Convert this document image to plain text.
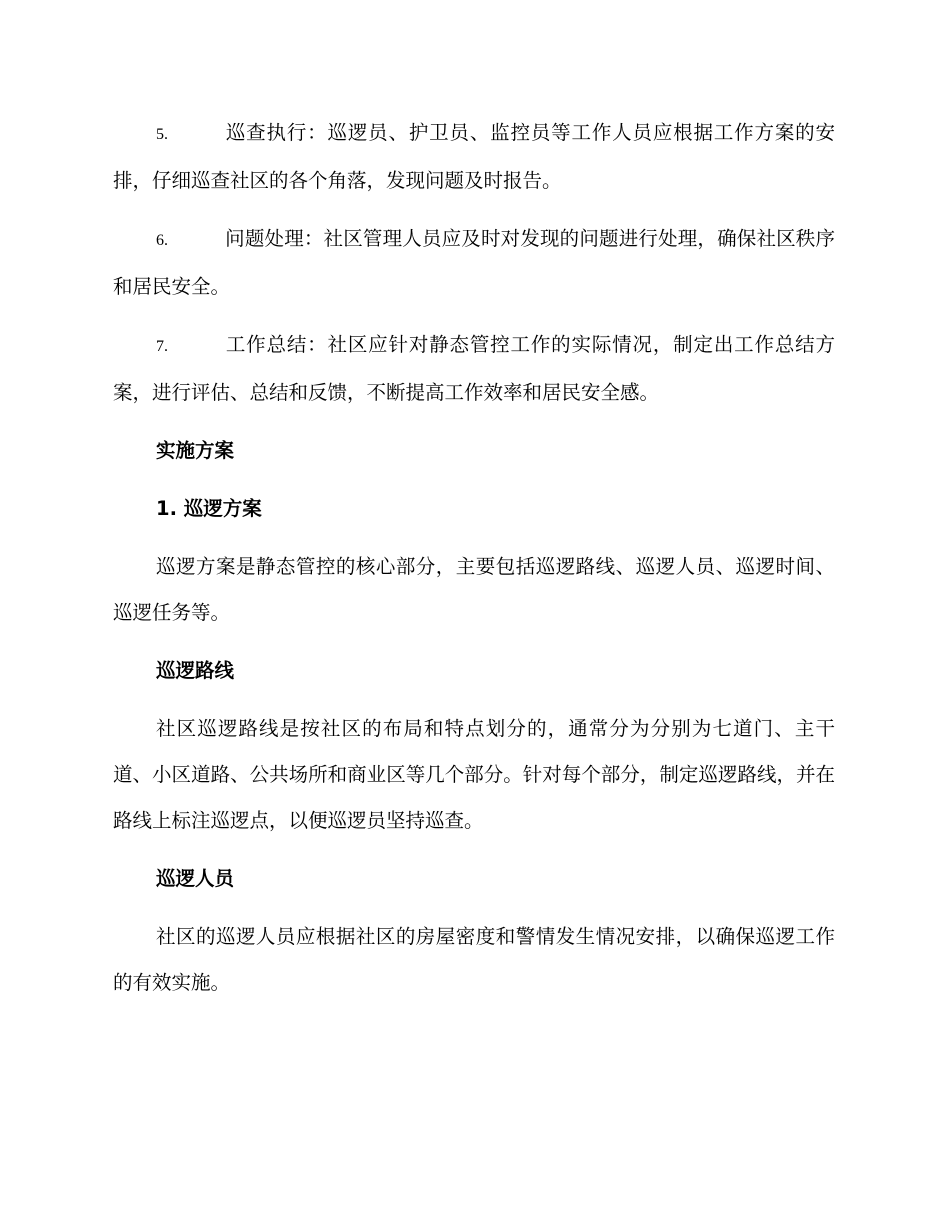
5.	巡查执行：巡逻员、护卫员、监控员等工作人员应根据工作方案的安排，仔细巡查社区的各个角落，发现问题及时报告。

6.	问题处理：社区管理人员应及时对发现的问题进行处理，确保社区秩序和居民安全。

7.	工作总结：社区应针对静态管控工作的实际情况，制定出工作总结方案，进行评估、总结和反馈，不断提高工作效率和居民安全感。

实施方案
1. 巡逻方案

巡逻方案是静态管控的核心部分，主要包括巡逻路线、巡逻人员、巡逻时间、巡逻任务等。

巡逻路线

社区巡逻路线是按社区的布局和特点划分的，通常分为分别为七道门、主干道、小区道路、公共场所和商业区等几个部分。针对每个部分，制定巡逻路线，并在路线上标注巡逻点，以便巡逻员坚持巡查。

巡逻人员

社区的巡逻人员应根据社区的房屋密度和警情发生情况安排，以确保巡逻工作的有效实施。
